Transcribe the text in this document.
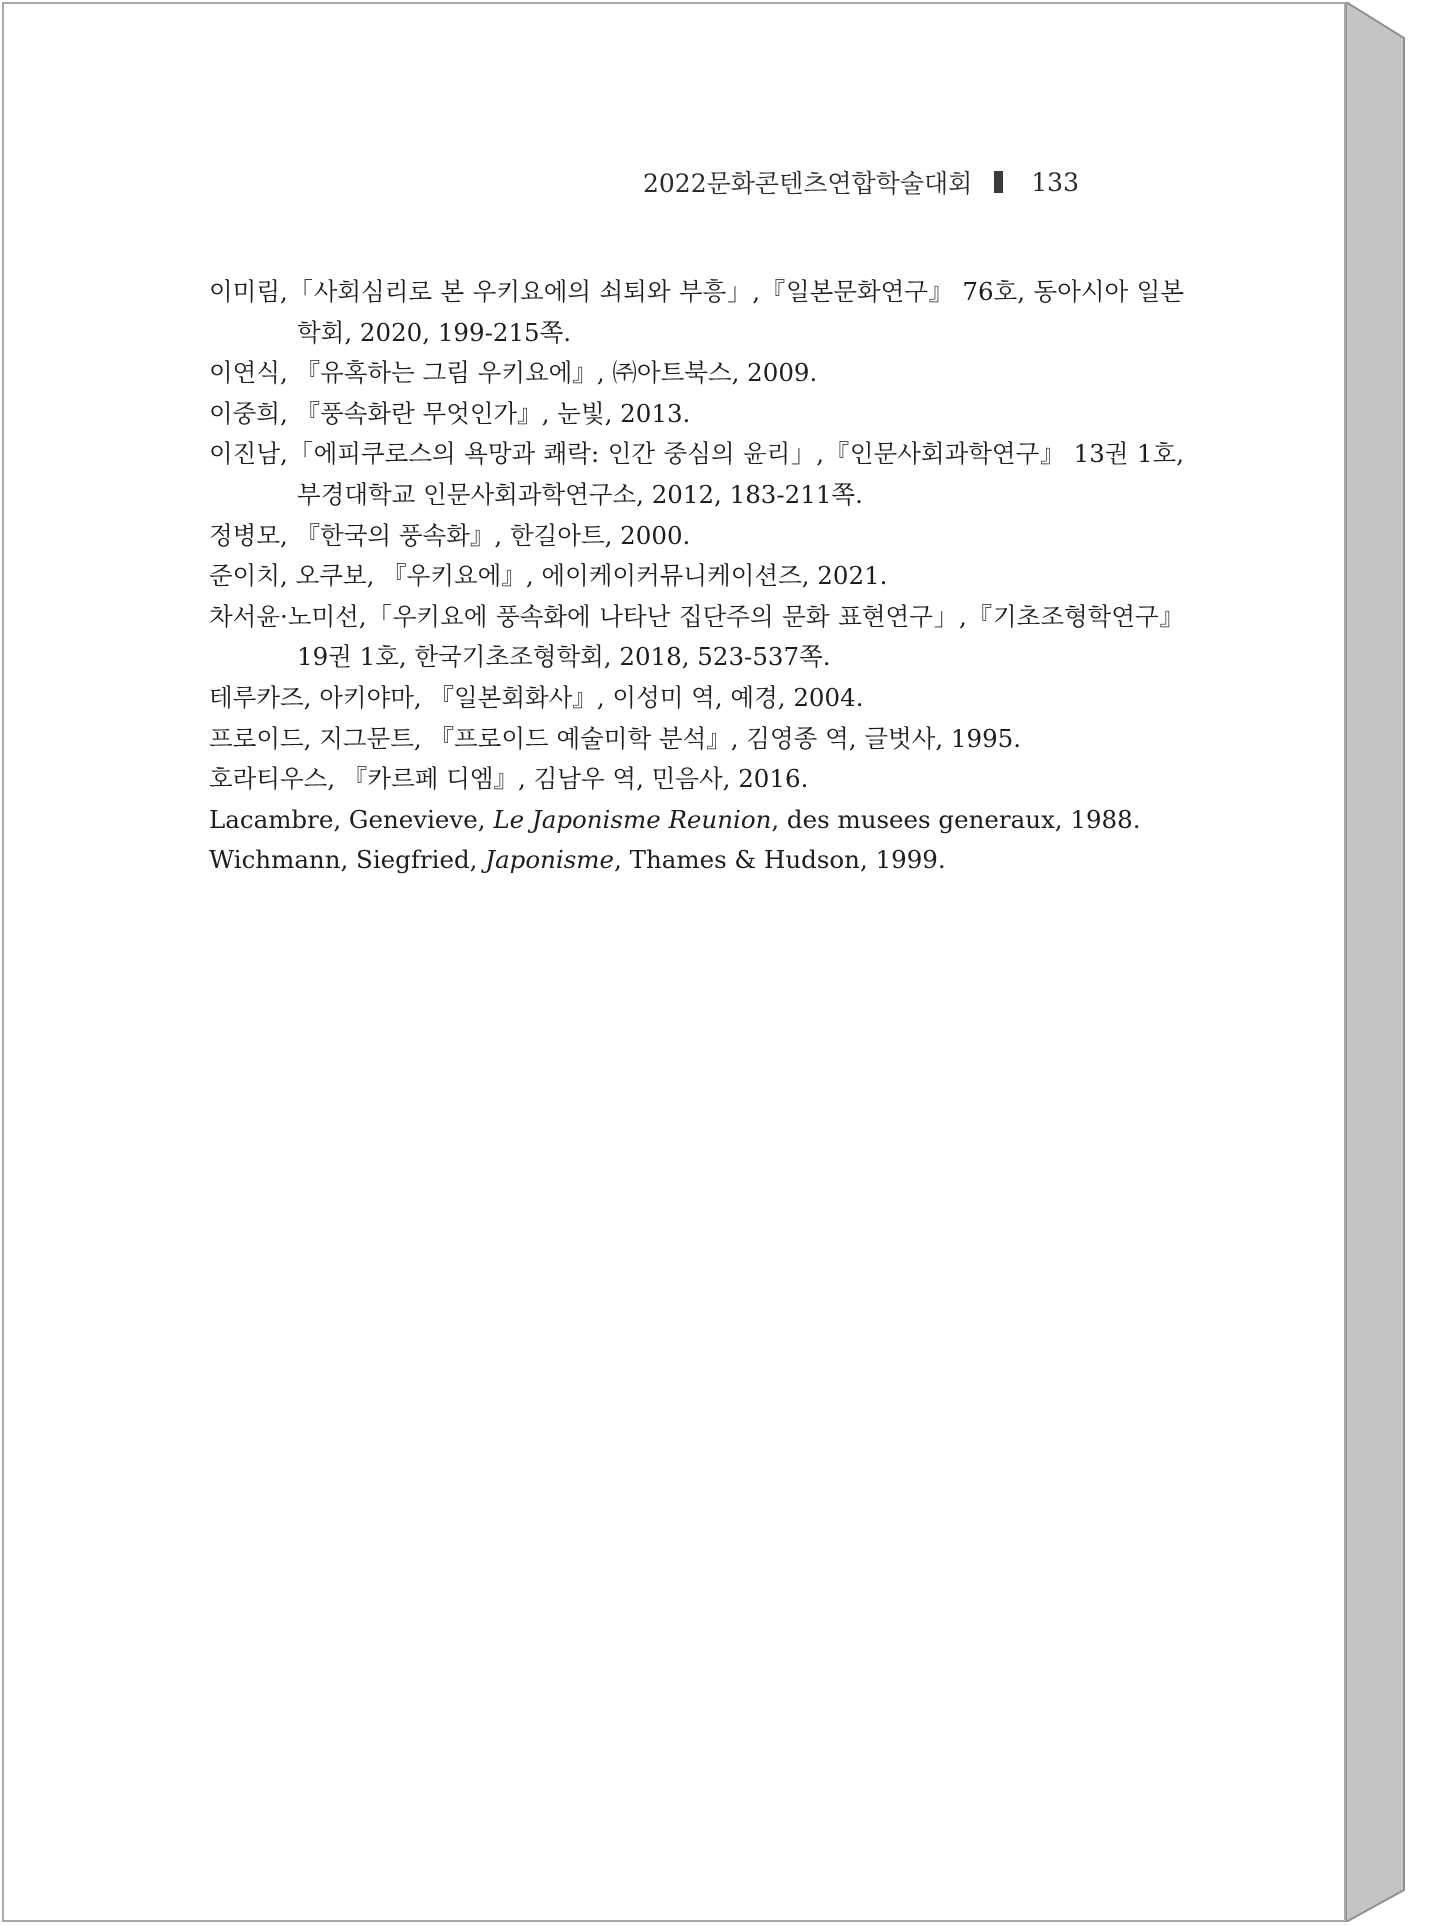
2022문화콘텐츠연합학술대회 133

이미림,「사회심리로 본 우키요에의 쇠퇴와 부흥」,『일본문화연구』 76호, 동아시아 일본학회, 2020, 199-215쪽.

이연식, 『유혹하는 그림 우키요에』, ㈜아트북스, 2009.

이중희, 『풍속화란 무엇인가』, 눈빛, 2013.

이진남,「에피쿠로스의 욕망과 쾌락: 인간 중심의 윤리」,『인문사회과학연구』 13권 1호, 부경대학교 인문사회과학연구소, 2012, 183-211쪽.

정병모, 『한국의 풍속화』, 한길아트, 2000.

준이치, 오쿠보, 『우키요에』, 에이케이커뮤니케이션즈, 2021.

차서윤·노미선,「우키요에 풍속화에 나타난 집단주의 문화 표현연구」,『기초조형학연구』 19권 1호, 한국기초조형학회, 2018, 523-537쪽.

테루카즈, 아키야마, 『일본회화사』, 이성미 역, 예경, 2004.

프로이드, 지그문트, 『프로이드 예술미학 분석』, 김영종 역, 글벗사, 1995.

호라티우스, 『카르페 디엠』, 김남우 역, 민음사, 2016.

Lacambre, Genevieve, Le Japonisme Reunion, des musees generaux, 1988.

Wichmann, Siegfried, Japonisme, Thames & Hudson, 1999.
